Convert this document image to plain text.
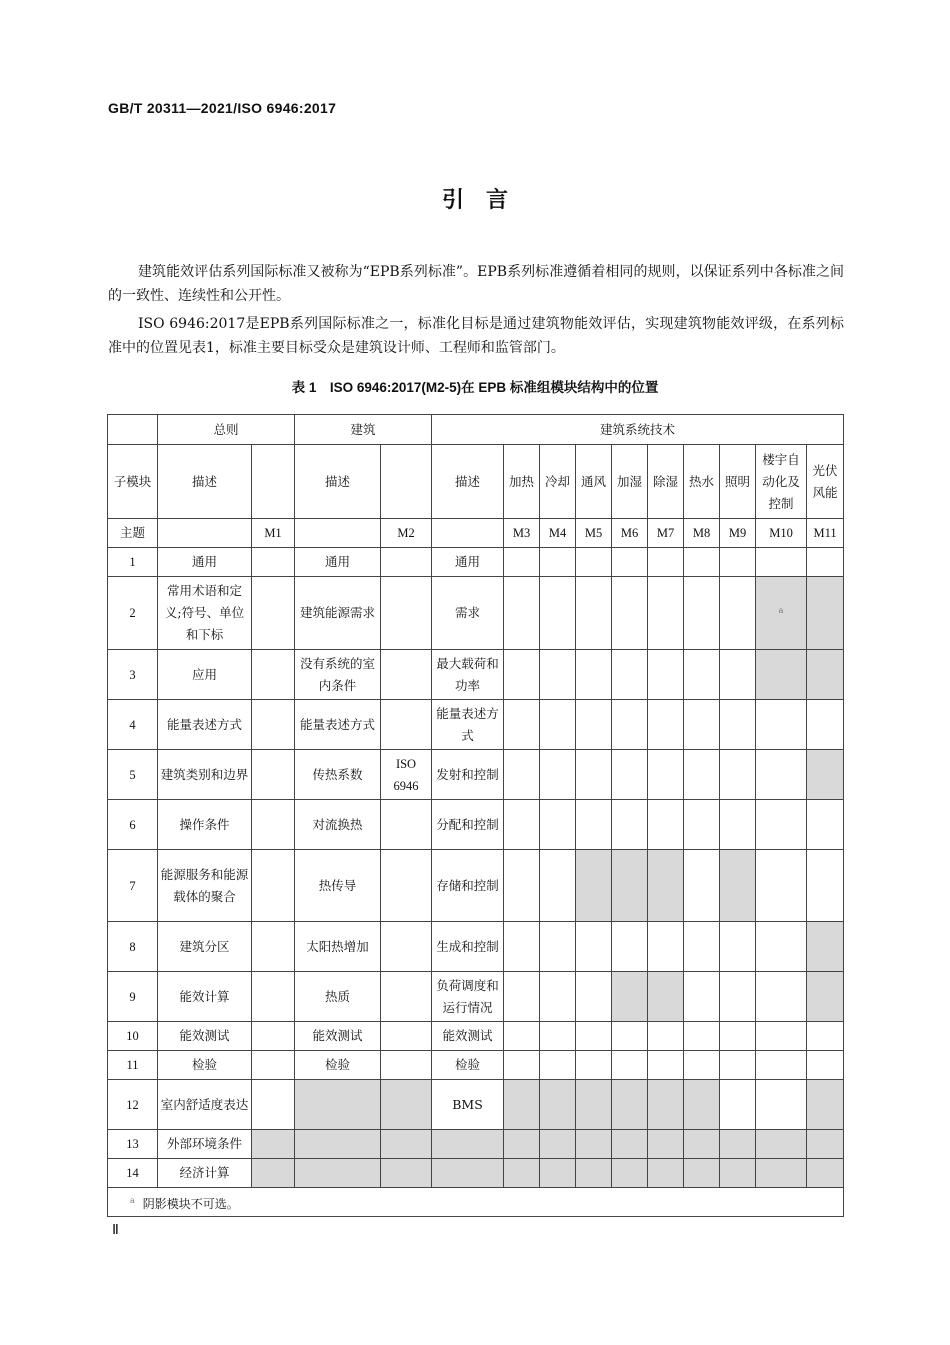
GB/T 20311—2021/ISO 6946:2017
引　言
建筑能效评估系列国际标准又被称为“EPB系列标准”。EPB系列标准遵循着相同的规则，以保证系列中各标准之间的一致性、连续性和公开性。
ISO 6946:2017是EPB系列国际标准之一，标准化目标是通过建筑物能效评估，实现建筑物能效评级，在系列标准中的位置见表1，标准主要目标受众是建筑设计师、工程师和监管部门。
表 1　ISO 6946:2017(M2-5)在 EPB 标准组模块结构中的位置
	总则		建筑		建筑系统技术									
子模块	描述		描述		描述	加热	冷却	通风	加湿	除湿	热水	照明	楼宇自动化及控制	光伏风能
主题		M1		M2		M3	M4	M5	M6	M7	M8	M9	M10	M11
1	通用		通用		通用									
2	常用术语和定义;符号、单位和下标		建筑能源需求		需求								$^a$	
3	应用		没有系统的室内条件		最大载荷和功率									
4	能量表述方式		能量表述方式		能量表述方式									
5	建筑类别和边界		传热系数	ISO 6946	发射和控制									
6	操作条件		对流换热		分配和控制									
7	能源服务和能源载体的聚合		热传导		存储和控制									
8	建筑分区		太阳热增加		生成和控制									
9	能效计算		热质		负荷调度和运行情况									
10	能效测试		能效测试		能效测试									
11	检验		检验		检验									
12	室内舒适度表达				BMS									
13	外部环境条件													
14	经济计算													
$^a$ 阴影模块不可选。														
Ⅱ
